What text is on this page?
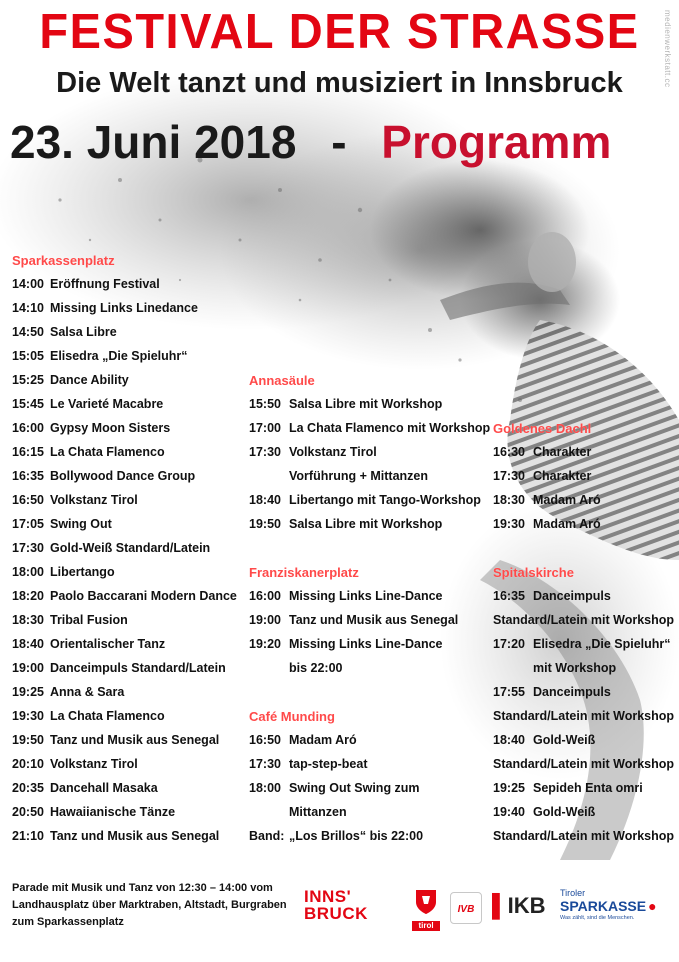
medienwerkstatt.cc
FESTIVAL DER STRASSE
Die Welt tanzt und musiziert in Innsbruck
23. Juni 2018 - Programm
Sparkassenplatz
14:00 Eröffnung Festival
14:10 Missing Links Linedance
14:50 Salsa Libre
15:05 Elisedra „Die Spieluhr“
15:25 Dance Ability
15:45 Le Varieté Macabre
16:00 Gypsy Moon Sisters
16:15 La Chata Flamenco
16:35 Bollywood Dance Group
16:50 Volkstanz Tirol
17:05 Swing Out
17:30 Gold-Weiß Standard/Latein
18:00 Libertango
18:20 Paolo Baccarani Modern Dance
18:30 Tribal Fusion
18:40 Orientalischer Tanz
19:00 Danceimpuls Standard/Latein
19:25 Anna & Sara
19:30 La Chata Flamenco
19:50 Tanz und Musik aus Senegal
20:10 Volkstanz Tirol
20:35 Dancehall Masaka
20:50 Hawaiianische Tänze
21:10 Tanz und Musik aus Senegal
Annasäule
15:50 Salsa Libre mit Workshop
17:00 La Chata Flamenco mit Workshop
17:30 Volkstanz Tirol
Vorführung + Mittanzen
18:40 Libertango mit Tango-Workshop
19:50 Salsa Libre mit Workshop
Franziskanerplatz
16:00 Missing Links Line-Dance
19:00 Tanz und Musik aus Senegal
19:20 Missing Links Line-Dance
bis 22:00
Café Munding
16:50 Madam Aró
17:30 tap-step-beat
18:00 Swing Out Swing zum
Mittanzen
Band: „Los Brillos“ bis 22:00
Goldenes Dachl
16:30 Charakter
17:30 Charakter
18:30 Madam Aró
19:30 Madam Aró
Spitalskirche
16:35 Danceimpuls
Standard/Latein mit Workshop
17:20 Elisedra „Die Spieluhr“
mit Workshop
17:55 Danceimpuls
Standard/Latein mit Workshop
18:40 Gold-Weiß
Standard/Latein mit Workshop
19:25 Sepideh Enta omri
19:40 Gold-Weiß
Standard/Latein mit Workshop
Parade mit Musik und Tanz von 12:30 – 14:00 vom
Landhausplatz über Marktraben, Altstadt, Burgraben
zum Sparkassenplatz
INNS'
BRUCK
tirol
IVB ▌IKB Tiroler
SPARKASSE ●
Was zählt, sind die Menschen.
